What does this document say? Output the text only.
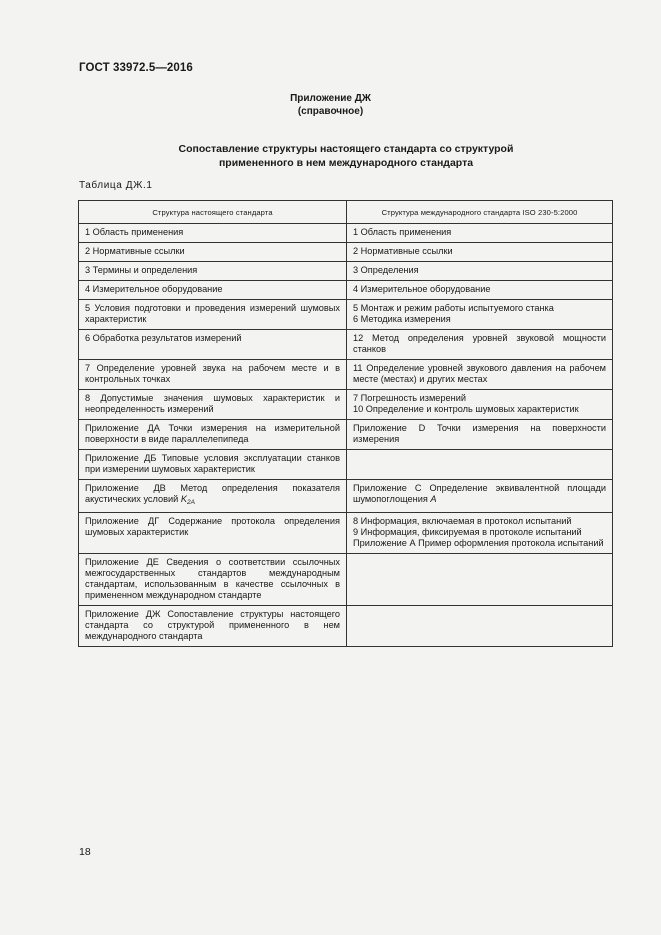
ГОСТ 33972.5—2016
Приложение ДЖ
(справочное)
Сопоставление структуры настоящего стандарта со структурой
примененного в нем международного стандарта
Таблица ДЖ.1
Структура настоящего стандарта	Структура международного стандарта ISO 230-5:2000
1 Область применения	1 Область применения

2 Нормативные ссылки	2 Нормативные ссылки

3 Термины и определения	3 Определения

4 Измерительное оборудование	4 Измерительное оборудование

5 Условия подготовки и проведения измерений шумовых характеристик	5 Монтаж и режим работы испытуемого станка
6 Методика измерения

6 Обработка результатов измерений	12 Метод определения уровней звуковой мощности станков

7 Определение уровней звука на рабочем месте и в контрольных точках	11 Определение уровней звукового давления на рабочем месте (местах) и других местах

8 Допустимые значения шумовых характеристик и неопределенность измерений	7 Погрешность измерений
10 Определение и контроль шумовых характеристик

Приложение ДА Точки измерения на измерительной поверхности в виде параллелепипеда	Приложение D Точки измерения на поверхности измерения

Приложение ДБ Типовые условия эксплуатации станков при измерении шумовых характеристик	
Приложение ДВ Метод определения показателя акустических условий $K_{2A}$	Приложение С Определение эквивалентной площади шумопоглощения A
Приложение ДГ Содержание протокола определения шумовых характеристик	8 Информация, включаемая в протокол испытаний
9 Информация, фиксируемая в протоколе испытаний
Приложение А Пример оформления протокола испытаний

Приложение ДЕ Сведения о соответствии ссылочных межгосударственных стандартов международным стандартам, использованным в качестве ссылочных в примененном международном стандарте	
Приложение ДЖ Сопоставление структуры настоящего стандарта со структурой примененного в нем международного стандарта	
18
